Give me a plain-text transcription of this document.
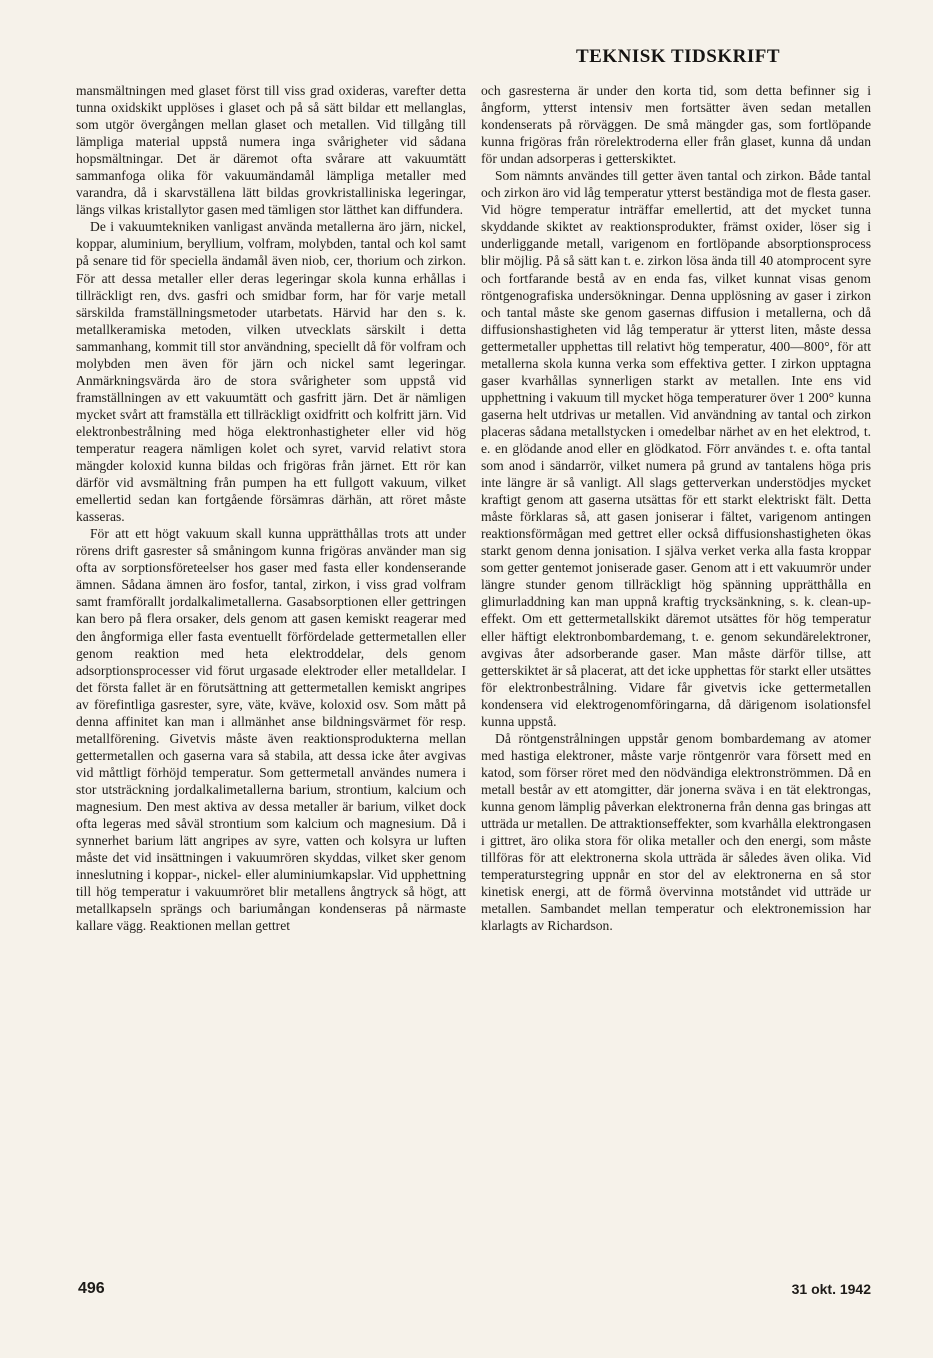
TEKNISK TIDSKRIFT

mansmältningen med glaset först till viss grad oxideras, varefter detta tunna oxidskikt upplöses i glaset och på så sätt bildar ett mellanglas, som utgör övergången mellan glaset och metallen. Vid tillgång till lämpliga material uppstå numera inga svårigheter vid sådana hopsmältningar. Det är däremot ofta svårare att vakuumtätt sammanfoga olika för vakuumändamål lämpliga metaller med varandra, då i skarvställena lätt bildas grovkristalliniska legeringar, längs vilkas kristallytor gasen med tämligen stor lätthet kan diffundera.

De i vakuumtekniken vanligast använda metallerna äro järn, nickel, koppar, aluminium, beryllium, volfram, molybden, tantal och kol samt på senare tid för speciella ändamål även niob, cer, thorium och zirkon. För att dessa metaller eller deras legeringar skola kunna erhållas i tillräckligt ren, dvs. gasfri och smidbar form, har för varje metall särskilda framställningsmetoder utarbetats. Härvid har den s. k. metallkeramiska metoden, vilken utvecklats särskilt i detta sammanhang, kommit till stor användning, speciellt då för volfram och molybden men även för järn och nickel samt legeringar. Anmärkningsvärda äro de stora svårigheter som uppstå vid framställningen av ett vakuumtätt och gasfritt järn. Det är nämligen mycket svårt att framställa ett tillräckligt oxidfritt och kolfritt järn. Vid elektronbestrålning med höga elektronhastigheter eller vid hög temperatur reagera nämligen kolet och syret, varvid relativt stora mängder koloxid kunna bildas och frigöras från järnet. Ett rör kan därför vid avsmältning från pumpen ha ett fullgott vakuum, vilket emellertid sedan kan fortgående försämras därhän, att röret måste kasseras.

För att ett högt vakuum skall kunna upprätthållas trots att under rörens drift gasrester så småningom kunna frigöras använder man sig ofta av sorptionsföreteelser hos gaser med fasta eller kondenserande ämnen. Sådana ämnen äro fosfor, tantal, zirkon, i viss grad volfram samt framförallt jordalkalimetallerna. Gasabsorptionen eller gettringen kan bero på flera orsaker, dels genom att gasen kemiskt reagerar med den ångformiga eller fasta eventuellt förfördelade gettermetallen eller genom reaktion med heta elektroddelar, dels genom adsorptionsprocesser vid förut urgasade elektroder eller metalldelar. I det första fallet är en förutsättning att gettermetallen kemiskt angripes av förefintliga gasrester, syre, väte, kväve, koloxid osv. Som mått på denna affinitet kan man i allmänhet anse bildningsvärmet för resp. metallförening. Givetvis måste även reaktionsprodukterna mellan gettermetallen och gaserna vara så stabila, att dessa icke åter avgivas vid måttligt förhöjd temperatur. Som gettermetall användes numera i stor utsträckning jordalkalimetallerna barium, strontium, kalcium och magnesium. Den mest aktiva av dessa metaller är barium, vilket dock ofta legeras med såväl strontium som kalcium och magnesium. Då i synnerhet barium lätt angripes av syre, vatten och kolsyra ur luften måste det vid insättningen i vakuumrören skyddas, vilket sker genom inneslutning i koppar-, nickel- eller aluminiumkapslar. Vid upphettning till hög temperatur i vakuumröret blir metallens ångtryck så högt, att metallkapseln sprängs och bariumångan kondenseras på närmaste kallare vägg. Reaktionen mellan gettret

och gasresterna är under den korta tid, som detta befinner sig i ångform, ytterst intensiv men fortsätter även sedan metallen kondenserats på rörväggen. De små mängder gas, som fortlöpande kunna frigöras från rörelektroderna eller från glaset, kunna då undan för undan adsorperas i getterskiktet.

Som nämnts användes till getter även tantal och zirkon. Både tantal och zirkon äro vid låg temperatur ytterst beständiga mot de flesta gaser. Vid högre temperatur inträffar emellertid, att det mycket tunna skyddande skiktet av reaktionsprodukter, främst oxider, löser sig i underliggande metall, varigenom en fortlöpande absorptionsprocess blir möjlig. På så sätt kan t. e. zirkon lösa ända till 40 atomprocent syre och fortfarande bestå av en enda fas, vilket kunnat visas genom röntgenografiska undersökningar. Denna upplösning av gaser i zirkon och tantal måste ske genom gasernas diffusion i metallerna, och då diffusionshastigheten vid låg temperatur är ytterst liten, måste dessa gettermetaller upphettas till relativt hög temperatur, 400—800°, för att metallerna skola kunna verka som effektiva getter. I zirkon upptagna gaser kvarhållas synnerligen starkt av metallen. Inte ens vid upphettning i vakuum till mycket höga temperaturer över 1 200° kunna gaserna helt utdrivas ur metallen. Vid användning av tantal och zirkon placeras sådana metallstycken i omedelbar närhet av en het elektrod, t. e. en glödande anod eller en glödkatod. Förr användes t. e. ofta tantal som anod i sändarrör, vilket numera på grund av tantalens höga pris inte längre är så vanligt. All slags getterverkan understödjes mycket kraftigt genom att gaserna utsättas för ett starkt elektriskt fält. Detta måste förklaras så, att gasen joniserar i fältet, varigenom antingen reaktionsförmågan med gettret eller också diffusionshastigheten ökas starkt genom denna jonisation. I själva verket verka alla fasta kroppar som getter gentemot joniserade gaser. Genom att i ett vakuumrör under längre stunder genom tillräckligt hög spänning upprätthålla en glimurladdning kan man uppnå kraftig trycksänkning, s. k. clean-up-effekt. Om ett gettermetallskikt däremot utsättes för hög temperatur eller häftigt elektronbombardemang, t. e. genom sekundärelektroner, avgivas åter adsorberande gaser. Man måste därför tillse, att getterskiktet är så placerat, att det icke upphettas för starkt eller utsättes för elektronbestrålning. Vidare får givetvis icke gettermetallen kondensera vid elektrogenomföringarna, då därigenom isolationsfel kunna uppstå.

Då röntgenstrålningen uppstår genom bombardemang av atomer med hastiga elektroner, måste varje röntgenrör vara försett med en katod, som förser röret med den nödvändiga elektronströmmen. Då en metall består av ett atomgitter, där jonerna sväva i en tät elektrongas, kunna genom lämplig påverkan elektronerna från denna gas bringas att utträda ur metallen. De attraktionseffekter, som kvarhålla elektrongasen i gittret, äro olika stora för olika metaller och den energi, som måste tillföras för att elektronerna skola utträda är således även olika. Vid temperaturstegring uppnår en stor del av elektronerna en så stor kinetisk energi, att de förmå övervinna motståndet vid utträde ur metallen. Sambandet mellan temperatur och elektronemission har klarlagts av Richardson.

496	31 okt. 1942
